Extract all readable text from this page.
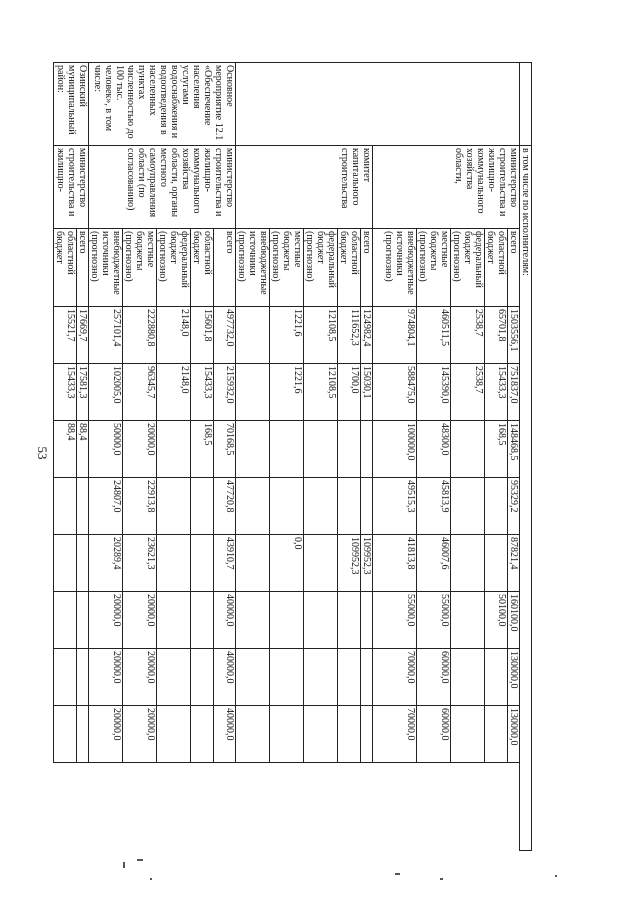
53
	в том числе по исполнителям:									
	министерство строительства и жилищно-коммунального хозяйства области,	всего	1503556,1	751837,0	148468,5	95329,2	87821,4	160100,0	130000,0	130000,0
		областной бюджет	65701,8	15433,3	168,5			50100,0		
		федеральный бюджет (прогнозно)	2538,7	2538,7						
		местные бюджеты (прогнозно)	460511,5	145390,0	48300,0	45813,9	46007,6	55000,0	60000,0	60000,0
		внебюджетные источники (прогнозно)	974804,1	588475,0	100000,0	49515,3	41813,8	55000,0	70000,0	70000,0
	комитет капитального строительства	всего	124982,4	15030,1			109952,3			
		областной бюджет	111652,3	1700,0			109952,3			
		федеральный бюджет (прогнозно)	12108,5	12108,5						
		местные бюджеты (прогнозно)	1221,6	1221,6			0,0			
		внебюджетные источники (прогнозно)								
Основное мероприятие 12.1 «Обеспечение населения услугами водоснабжения и водоотведения в населенных пунктах численностью до 100 тыс. человек», в том числе:	министерство строительства и жилищно-коммунального хозяйства области, органы местного самоуправления области (по согласованию)	всего	497732,0	215932,0	70168,5	47720,8	43910,7	40000,0	40000,0	40000,0
		областной бюджет	15601,8	15433,3	168,5					
		федеральный бюджет (прогнозно)	2148,0	2148,0						
		местные бюджеты (прогнозно)	222880,8	96345,7	20000,0	22913,8	23621,3	20000,0	20000,0	20000,0
		внебюджетные источники (прогнозно)	257101,4	102005,0	50000,0	24807,0	20289,4	20000,0	20000,0	20000,0
Озинский муниципальный район:	министерство строительства и жилищно-	всего	17669,7	17581,3	88,4					
		областной бюджет	15521,7	15433,3	88,4					
